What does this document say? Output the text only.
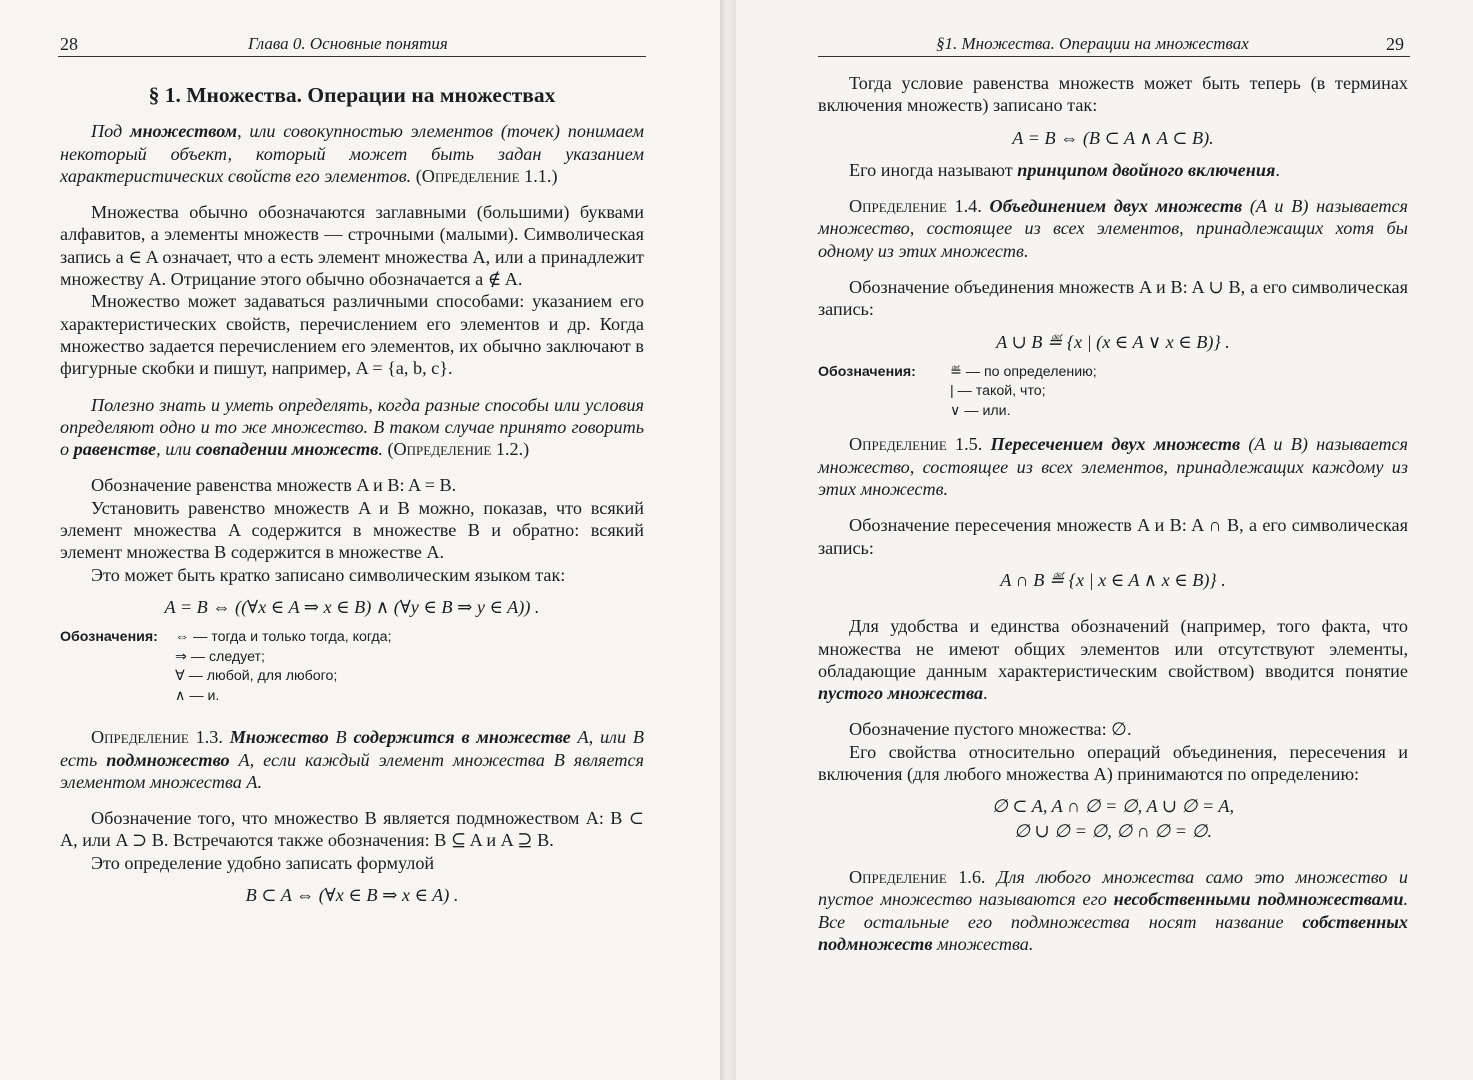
28	Глава 0. Основные понятия
§ 1. Множества. Операции на множествах

Под множеством, или совокупностью элементов (точек) понимаем некоторый объект, который может быть задан указанием характеристических свойств его элементов. (Определение 1.1.)

Множества обычно обозначаются заглавными (большими) буквами алфавитов, а элементы множеств — строчными (малыми). Символическая запись a ∈ A означает, что a есть элемент множества A, или a принадлежит множеству A. Отрицание этого обычно обозначается a ∉ A.

Множество может задаваться различными способами: указанием его характеристических свойств, перечислением его элементов и др. Когда множество задается перечислением его элементов, их обычно заключают в фигурные скобки и пишут, например, A = {a, b, c}.

Полезно знать и уметь определять, когда разные способы или условия определяют одно и то же множество. В таком случае принято говорить о равенстве, или совпадении множеств. (Определение 1.2.)

Обозначение равенства множеств A и B: A = B.

Установить равенство множеств A и B можно, показав, что всякий элемент множества A содержится в множестве B и обратно: всякий элемент множества B содержится в множестве A.

Это может быть кратко записано символическим языком так:

A = B ⇔ ((∀x ∈ A ⇒ x ∈ B) ∧ (∀y ∈ B ⇒ y ∈ A)) .
Обозначения:	⇔ — тогда и только тогда, когда;
⇒ — следует;
∀ — любой, для любого;
∧ — и.

Определение 1.3. Множество B содержится в множестве A, или B есть подмножество A, если каждый элемент множества B является элементом множества A.

Обозначение того, что множество B является подмножеством A: B ⊂ A, или A ⊃ B. Встречаются также обозначения: B ⊆ A и A ⊇ B.

Это определение удобно записать формулой

B ⊂ A ⇔ (∀x ∈ B ⇒ x ∈ A) .
§1. Множества. Операции на множествах	29

Тогда условие равенства множеств может быть теперь (в терминах включения множеств) записано так:

A = B ⇔ (B ⊂ A ∧ A ⊂ B).

Его иногда называют принципом двойного включения.

Определение 1.4. Объединением двух множеств (A и B) называется множество, состоящее из всех элементов, принадлежащих хотя бы одному из этих множеств.

Обозначение объединения множеств A и B: A ∪ B, а его символическая запись:

A ∪ B ≝ {x | (x ∈ A ∨ x ∈ B)} .
Обозначения:	≝ — по определению;
| — такой, что;
∨ — или.

Определение 1.5. Пересечением двух множеств (A и B) называется множество, состоящее из всех элементов, принадлежащих каждому из этих множеств.

Обозначение пересечения множеств A и B: A ∩ B, а его символическая запись:

A ∩ B ≝ {x | x ∈ A ∧ x ∈ B)} .

Для удобства и единства обозначений (например, того факта, что множества не имеют общих элементов или отсутствуют элементы, обладающие данным характеристическим свойством) вводится понятие пустого множества.

Обозначение пустого множества: ∅.

Его свойства относительно операций объединения, пересечения и включения (для любого множества A) принимаются по определению:

∅ ⊂ A, A ∩ ∅ = ∅, A ∪ ∅ = A,
∅ ∪ ∅ = ∅, ∅ ∩ ∅ = ∅.

Определение 1.6. Для любого множества само это множество и пустое множество называются его несобственными подмножествами. Все остальные его подмножества носят название собственных подмножеств множества.
